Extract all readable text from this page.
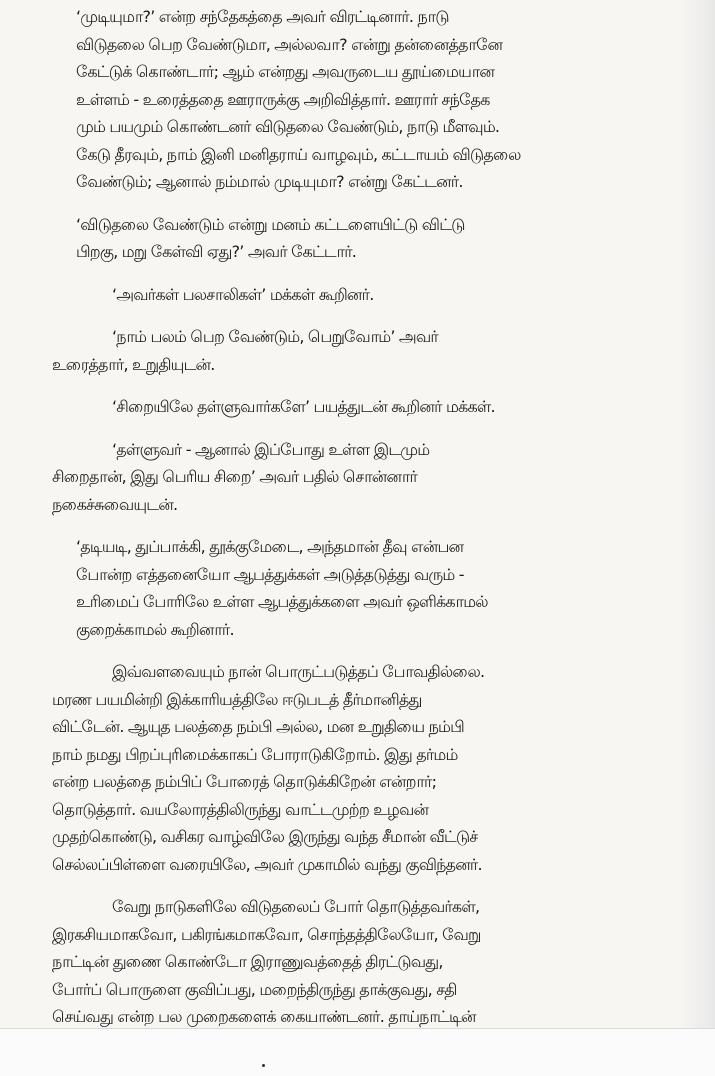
‘முடியுமா?’ என்ற சந்தேகத்தை அவர் விரட்டினார். நாடு
விடுதலை பெற வேண்டுமா, அல்லவா? என்று தன்னைத்தானே
கேட்டுக் கொண்டார்; ஆம் என்றது அவருடைய தூய்மையான
உள்ளம் - உரைத்ததை ஊராருக்கு அறிவித்தார். ஊரார் சந்தேக
மும் பயமும் கொண்டனர் விடுதலை வேண்டும், நாடு மீளவும்.
கேடு தீரவும், நாம் இனி மனிதராய் வாழவும், கட்டாயம் விடுதலை
வேண்டும்; ஆனால் நம்மால் முடியுமா? என்று கேட்டனர்.

‘விடுதலை வேண்டும் என்று மனம் கட்டளையிட்டு விட்டு
பிறகு, மறு கேள்வி ஏது?’ அவர் கேட்டார்.

‘அவர்கள் பலசாலிகள்’ மக்கள் கூறினர்.

‘நாம் பலம் பெற வேண்டும், பெறுவோம்’ அவர்
உரைத்தார், உறுதியுடன்.

‘சிறையிலே தள்ளுவார்களே’ பயத்துடன் கூறினர் மக்கள்.

‘தள்ளுவர் - ஆனால் இப்போது உள்ள இடமும்
சிறைதான், இது பெரிய சிறை’ அவர் பதில் சொன்னார்
நகைச்சுவையுடன்.

‘தடியடி, துப்பாக்கி, தூக்குமேடை, அந்தமான் தீவு என்பன
போன்ற எத்தனையோ ஆபத்துக்கள் அடுத்தடுத்து வரும் -
உரிமைப் போரிலே உள்ள ஆபத்துக்களை அவர் ஒளிக்காமல்
குறைக்காமல் கூறினார்.

இவ்வளவையும் நான் பொருட்படுத்தப் போவதில்லை.
மரண பயமின்றி இக்காரியத்திலே ஈடுபடத் தீர்மானித்து
விட்டேன். ஆயுத பலத்தை நம்பி அல்ல, மன உறுதியை நம்பி
நாம் நமது பிறப்புரிமைக்காகப் போராடுகிறோம். இது தர்மம்
என்ற பலத்தை நம்பிப் போரைத் தொடுக்கிறேன் என்றார்;
தொடுத்தார். வயலோரத்திலிருந்து வாட்டமுற்ற உழவன்
முதற்கொண்டு, வசிகர வாழ்விலே இருந்து வந்த சீமான் வீட்டுச்
செல்லப்பிள்ளை வரையிலே, அவர் முகாமில் வந்து குவிந்தனர்.

வேறு நாடுகளிலே விடுதலைப் போர் தொடுத்தவர்கள்,
இரகசியமாகவோ, பகிரங்கமாகவோ, சொந்தத்திலேயோ, வேறு
நாட்டின் துணை கொண்டோ இராணுவத்தைத் திரட்டுவது,
போர்ப் பொருளை குவிப்பது, மறைந்திருந்து தாக்குவது, சதி
செய்வது என்ற பல முறைகளைக் கையாண்டனர். தாய்நாட்டின்
